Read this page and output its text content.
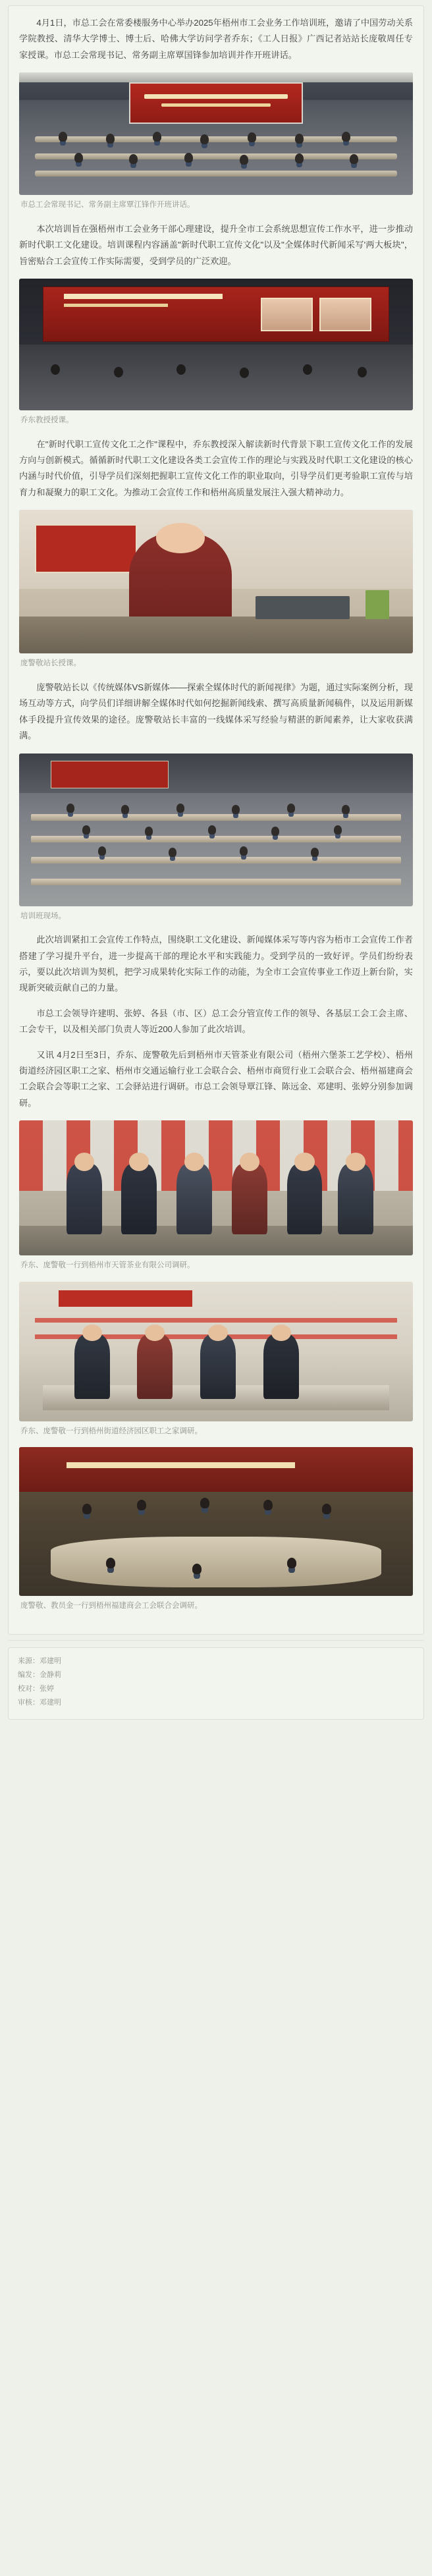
4月1日，市总工会在常委楼服务中心举办2025年梧州市工会业务工作培训班，邀请了中国劳动关系学院教授、清华大学博士、博士后、哈佛大学访问学者乔东；《工人日报》广西记者站站长庞敬周任专家授课。市总工会常现书记、常务副主席覃国锋参加培训并作开班讲话。

市总工会常现书记、常务副主席覃江锋作开班讲话。

本次培训旨在强梧州市工会业务干部心理建设，提升全市工会系统思想宣传工作水平，进一步推动新时代职工文化建设。培训课程内容涵盖"新时代职工宣传文化"以及"全媒体时代新闻采写'两大板块"，旨密贴合工会宣传工作实际需要，受到学员的广泛欢迎。

乔东教授授课。

在"新时代职工宣传文化工之作"课程中，乔东教授深入解读新时代背景下职工宣传文化工作的发展方向与创新模式。循循新时代职工文化建设各类工会宣传工作的理论与实践及时代职工文化建设的核心内涵与时代价值，引导学员们深刻把握职工宣传文化工作的职业取向，引导学员们更考验职工宣传与培育力和凝聚力的职工文化。为推动工会宣传工作和梧州高质量发展注入强大精神动力。

庞警敬站长授课。

庞警敬站长以《传统媒体VS新媒体——探索全媒体时代的新闻视律》为题，通过实际案例分析，现场互动等方式，向学员们详细讲解全媒体时代如何挖掘新闻线索、撰写高质量新闻稿件，以及运用新媒体手段提升宣传效果的途径。庞警敬站长丰富的一线媒体采写经验与精湛的新闻素养，让大家收获满满。

培训班现场。

此次培训紧扣工会宣传工作特点，围绕职工文化建设、新闻媒体采写等内容为梧市工会宣传工作者搭建了学习提升平台，进一步提高干部的理论水平和实践能力。受到学员的一致好评。学员们纷纷表示，要以此次培训为契机，把学习成果转化实际工作的动能，为全市工会宣传事业工作迈上新台阶，实现新突破贡献自己的力量。

市总工会领导许建明、张婷、各县（市、区）总工会分管宣传工作的领导、各基层工会工会主席、工会专干，以及相关部门负责人等近200人参加了此次培训。

又讯 4月2日至3日，乔东、庞警敬先后到梧州市天管茶业有限公司（梧州六堡茶工艺学校）、梧州街道经济园区职工之家、梧州市交通运输行业工会联合会、梧州市商贸行业工会联合会、梧州福建商会工会联合会等职工之家、工会驿站进行调研。市总工会领导覃江锋、陈远金、邓建明、张婷分别参加调研。

乔东、庞警敬一行到梧州市天管茶业有限公司调研。
乔东、庞警敬一行到梧州街道经济园区职工之家调研。
庞警敬、教员金一行到梧州福建商会工会联合会调研。
来源：邓建明
编发：金静莉
校对：张婷
审核：邓建明
